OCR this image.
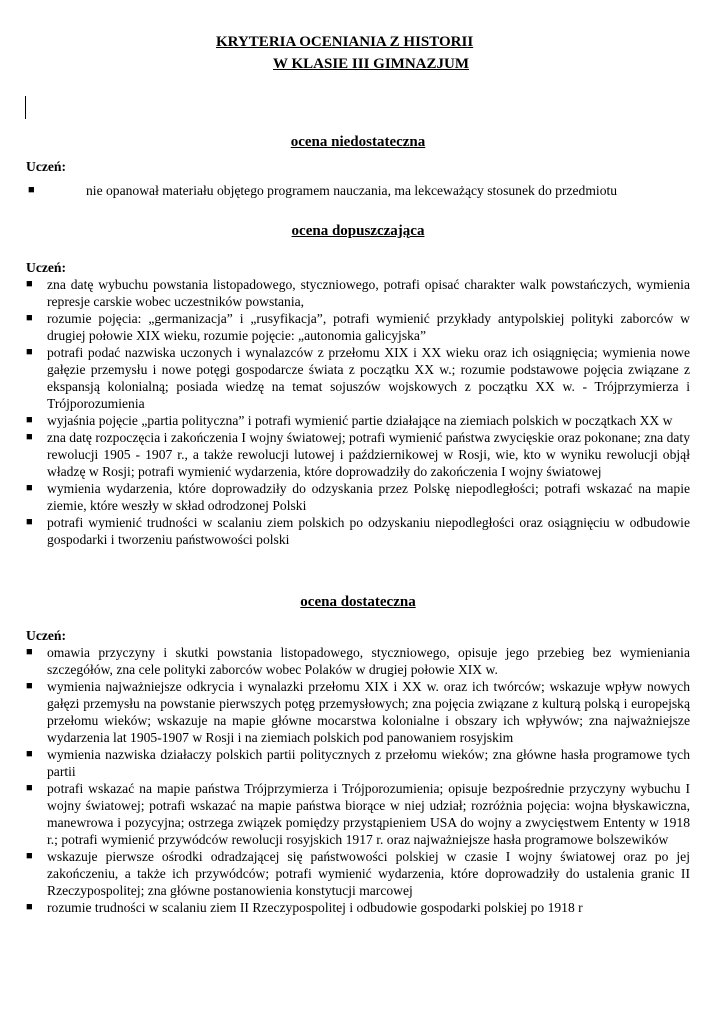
KRYTERIA OCENIANIA Z HISTORII
W KLASIE III GIMNAZJUM

ocena niedostateczna

Uczeń:

■	nie opanował materiału objętego programem nauczania, ma lekceważący stosunek do przedmiotu

ocena dopuszczająca

Uczeń:

■ zna datę wybuchu powstania listopadowego, styczniowego, potrafi opisać charakter walk powstańczych, wymienia represje carskie wobec uczestników powstania,
■ rozumie pojęcia: „germanizacja” i „rusyfikacja”, potrafi wymienić przykłady antypolskiej polityki zaborców w drugiej połowie XIX wieku, rozumie pojęcie: „autonomia galicyjska”
■ potrafi podać nazwiska uczonych i wynalazców z przełomu XIX i XX wieku oraz ich osiągnięcia; wymienia nowe gałęzie przemysłu i nowe potęgi gospodarcze świata z początku XX w.; rozumie podstawowe pojęcia związane z ekspansją kolonialną; posiada wiedzę na temat sojuszów wojskowych z początku XX w. - Trójprzymierza i Trójporozumienia
■ wyjaśnia pojęcie „partia polityczna” i potrafi wymienić partie działające na ziemiach polskich w początkach XX w
■ zna datę rozpoczęcia i zakończenia I wojny światowej; potrafi wymienić państwa zwycięskie oraz pokonane; zna daty rewolucji 1905 - 1907 r., a także rewolucji lutowej i październikowej w Rosji, wie, kto w wyniku rewolucji objął władzę w Rosji; potrafi wymienić wydarzenia, które doprowadziły do zakończenia I wojny światowej
■ wymienia wydarzenia, które doprowadziły do odzyskania przez Polskę niepodległości; potrafi wskazać na mapie ziemie, które weszły w skład odrodzonej Polski
■ potrafi wymienić trudności w scalaniu ziem polskich po odzyskaniu niepodległości oraz osiągnięciu w odbudowie gospodarki i tworzeniu państwowości polski

ocena dostateczna

Uczeń:

■ omawia przyczyny i skutki powstania listopadowego, styczniowego, opisuje jego przebieg bez wymieniania szczegółów, zna cele polityki zaborców wobec Polaków w drugiej połowie XIX w.
■ wymienia najważniejsze odkrycia i wynalazki przełomu XIX i XX w. oraz ich twórców; wskazuje wpływ nowych gałęzi przemysłu na powstanie pierwszych potęg przemysłowych; zna pojęcia związane z kulturą polską i europejską przełomu wieków; wskazuje na mapie główne mocarstwa kolonialne i obszary ich wpływów; zna najważniejsze wydarzenia lat 1905-1907 w Rosji i na ziemiach polskich pod panowaniem rosyjskim
■ wymienia nazwiska działaczy polskich partii politycznych z przełomu wieków; zna główne hasła programowe tych partii
■ potrafi wskazać na mapie państwa Trójprzymierza i Trójporozumienia; opisuje bezpośrednie przyczyny wybuchu I wojny światowej; potrafi wskazać na mapie państwa biorące w niej udział; rozróżnia pojęcia: wojna błyskawiczna, manewrowa i pozycyjna; ostrzega związek pomiędzy przystąpieniem USA do wojny a zwycięstwem Ententy w 1918 r.; potrafi wymienić przywódców rewolucji rosyjskich 1917 r. oraz najważniejsze hasła programowe bolszewików
■ wskazuje pierwsze ośrodki odradzającej się państwowości polskiej w czasie I wojny światowej oraz po jej zakończeniu, a także ich przywódców; potrafi wymienić wydarzenia, które doprowadziły do ustalenia granic II Rzeczypospolitej; zna główne postanowienia konstytucji marcowej
■ rozumie trudności w scalaniu ziem II Rzeczypospolitej i odbudowie gospodarki polskiej po 1918 r
